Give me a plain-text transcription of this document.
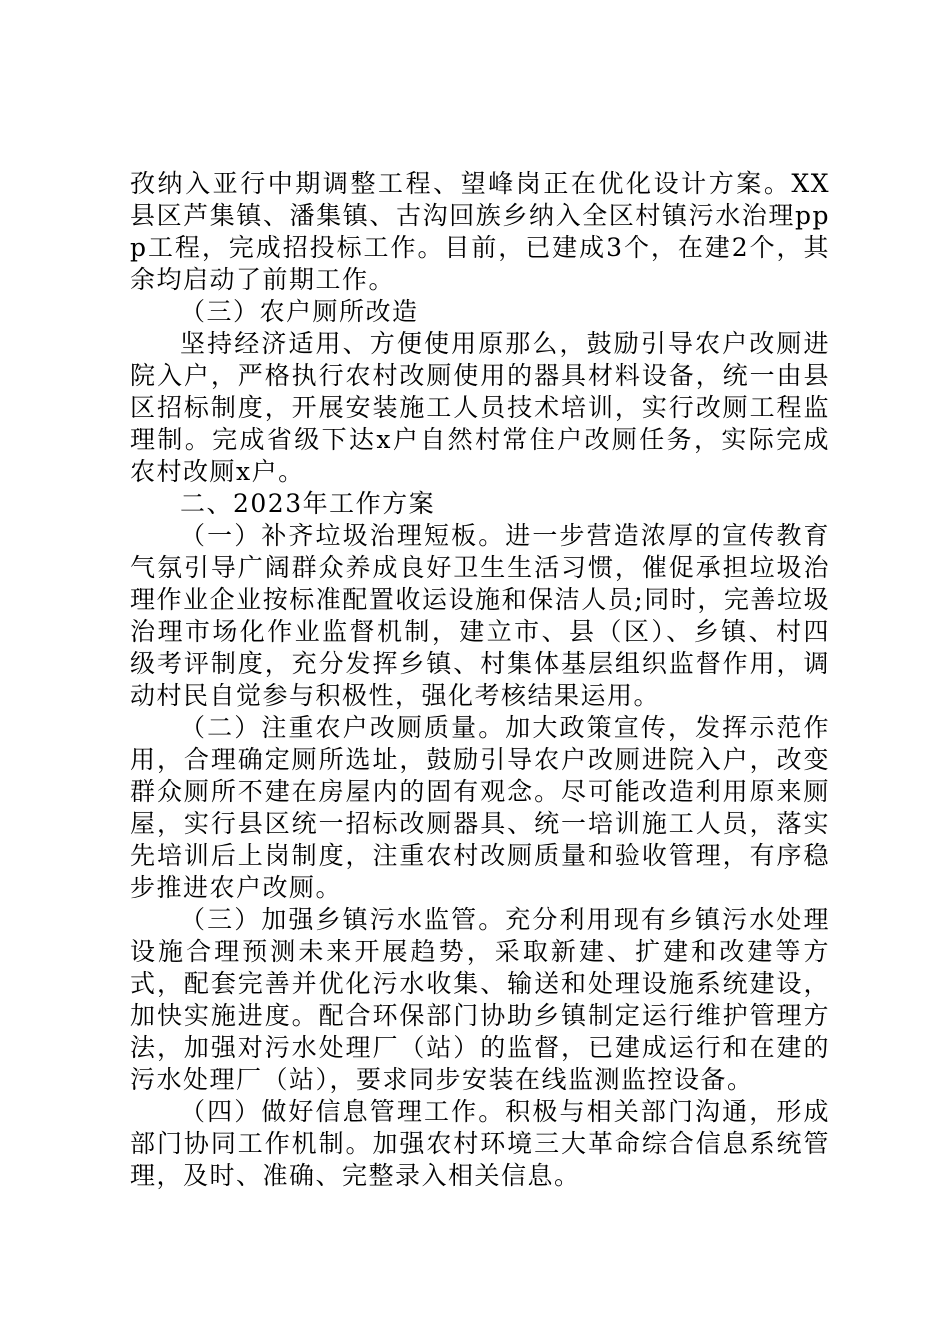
孜纳入亚行中期调整工程、望峰岗正在优化设计方案。XX县区芦集镇、潘集镇、古沟回族乡纳入全区村镇污水治理ppp工程，完成招投标工作。目前，已建成3个，在建2个，其余均启动了前期工作。

（三）农户厕所改造

坚持经济适用、方便使用原那么，鼓励引导农户改厕进院入户，严格执行农村改厕使用的器具材料设备，统一由县区招标制度，开展安装施工人员技术培训，实行改厕工程监理制。完成省级下达x户自然村常住户改厕任务，实际完成农村改厕x户。

二、2023年工作方案

（一）补齐垃圾治理短板。进一步营造浓厚的宣传教育气氛引导广阔群众养成良好卫生生活习惯，催促承担垃圾治理作业企业按标准配置收运设施和保洁人员;同时，完善垃圾治理市场化作业监督机制，建立市、县（区）、乡镇、村四级考评制度，充分发挥乡镇、村集体基层组织监督作用，调动村民自觉参与积极性，强化考核结果运用。

（二）注重农户改厕质量。加大政策宣传，发挥示范作用，合理确定厕所选址，鼓励引导农户改厕进院入户，改变群众厕所不建在房屋内的固有观念。尽可能改造利用原来厕屋，实行县区统一招标改厕器具、统一培训施工人员，落实先培训后上岗制度，注重农村改厕质量和验收管理，有序稳步推进农户改厕。

（三）加强乡镇污水监管。充分利用现有乡镇污水处理设施合理预测未来开展趋势，采取新建、扩建和改建等方式，配套完善并优化污水收集、输送和处理设施系统建设，加快实施进度。配合环保部门协助乡镇制定运行维护管理方法，加强对污水处理厂（站）的监督，已建成运行和在建的污水处理厂（站），要求同步安装在线监测监控设备。

（四）做好信息管理工作。积极与相关部门沟通，形成部门协同工作机制。加强农村环境三大革命综合信息系统管理，及时、准确、完整录入相关信息。
